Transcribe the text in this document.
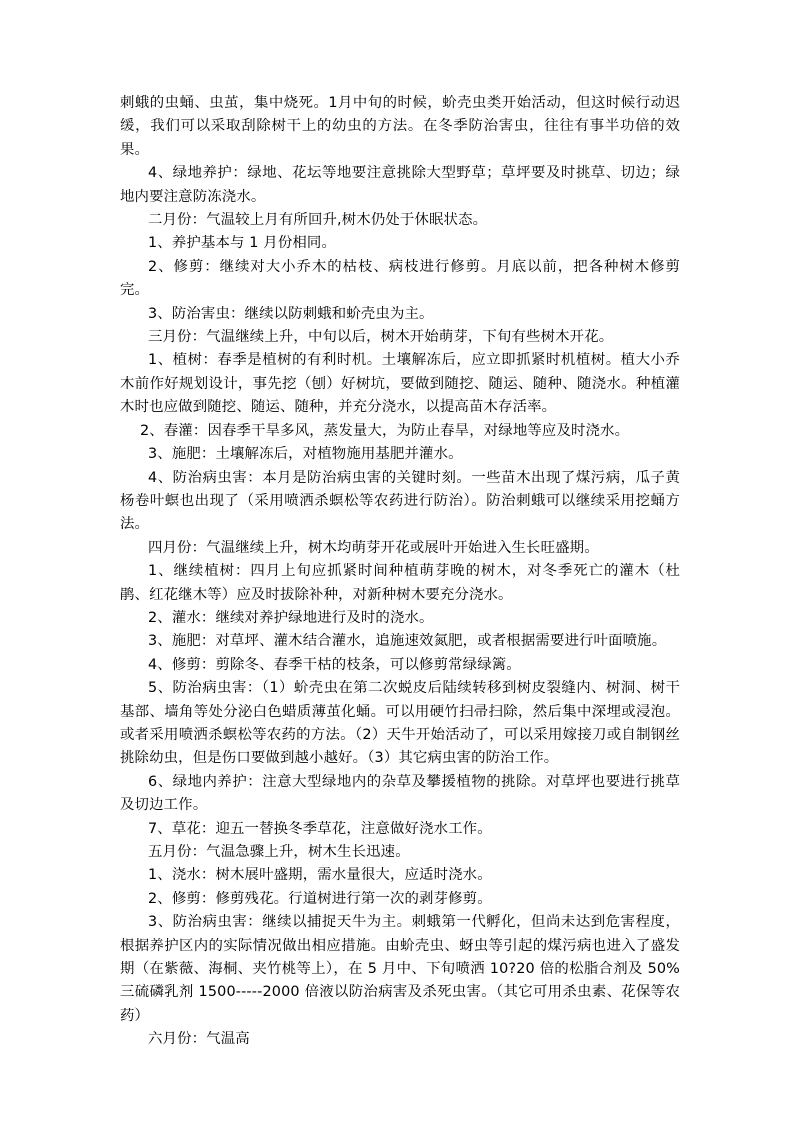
刺蛾的虫蛹、虫茧，集中烧死。1月中旬的时候，蚧壳虫类开始活动，但这时候行动迟缓，我们可以采取刮除树干上的幼虫的方法。在冬季防治害虫，往往有事半功倍的效果。

4、绿地养护：绿地、花坛等地要注意挑除大型野草；草坪要及时挑草、切边；绿地内要注意防冻浇水。

二月份：气温较上月有所回升,树木仍处于休眠状态。

1、养护基本与 1 月份相同。

2、修剪：继续对大小乔木的枯枝、病枝进行修剪。月底以前，把各种树木修剪完。

3、防治害虫：继续以防刺蛾和蚧壳虫为主。

三月份：气温继续上升，中旬以后，树木开始萌芽，下旬有些树木开花。

1、植树：春季是植树的有利时机。土壤解冻后，应立即抓紧时机植树。植大小乔木前作好规划设计，事先挖（刨）好树坑，要做到随挖、随运、随种、随浇水。种植灌木时也应做到随挖、随运、随种，并充分浇水，以提高苗木存活率。

2、春灌：因春季干旱多风，蒸发量大，为防止春旱，对绿地等应及时浇水。

3、施肥：土壤解冻后，对植物施用基肥并灌水。

4、防治病虫害：本月是防治病虫害的关键时刻。一些苗木出现了煤污病，瓜子黄杨卷叶螟也出现了（采用喷洒杀螟松等农药进行防治）。防治刺蛾可以继续采用挖蛹方法。

四月份：气温继续上升，树木均萌芽开花或展叶开始进入生长旺盛期。

1、继续植树：四月上旬应抓紧时间种植萌芽晚的树木，对冬季死亡的灌木（杜鹃、红花继木等）应及时拔除补种，对新种树木要充分浇水。

2、灌水：继续对养护绿地进行及时的浇水。

3、施肥：对草坪、灌木结合灌水，追施速效氮肥，或者根据需要进行叶面喷施。

4、修剪：剪除冬、春季干枯的枝条，可以修剪常绿绿篱。

5、防治病虫害：（1）蚧壳虫在第二次蜕皮后陆续转移到树皮裂缝内、树洞、树干基部、墙角等处分泌白色蜡质薄茧化蛹。可以用硬竹扫帚扫除，然后集中深埋或浸泡。或者采用喷洒杀螟松等农药的方法。（2）天牛开始活动了，可以采用嫁接刀或自制钢丝挑除幼虫，但是伤口要做到越小越好。（3）其它病虫害的防治工作。

6、绿地内养护：注意大型绿地内的杂草及攀援植物的挑除。对草坪也要进行挑草及切边工作。

7、草花：迎五一替换冬季草花，注意做好浇水工作。

五月份：气温急骤上升，树木生长迅速。

1、浇水：树木展叶盛期，需水量很大，应适时浇水。

2、修剪：修剪残花。行道树进行第一次的剥芽修剪。

3、防治病虫害：继续以捕捉天牛为主。刺蛾第一代孵化，但尚未达到危害程度，根据养护区内的实际情况做出相应措施。由蚧壳虫、蚜虫等引起的煤污病也进入了盛发期（在紫薇、海桐、夹竹桃等上），在 5 月中、下旬喷洒 10?20 倍的松脂合剂及 50%三硫磷乳剂 1500-----2000 倍液以防治病害及杀死虫害。（其它可用杀虫素、花保等农药）

六月份：气温高
